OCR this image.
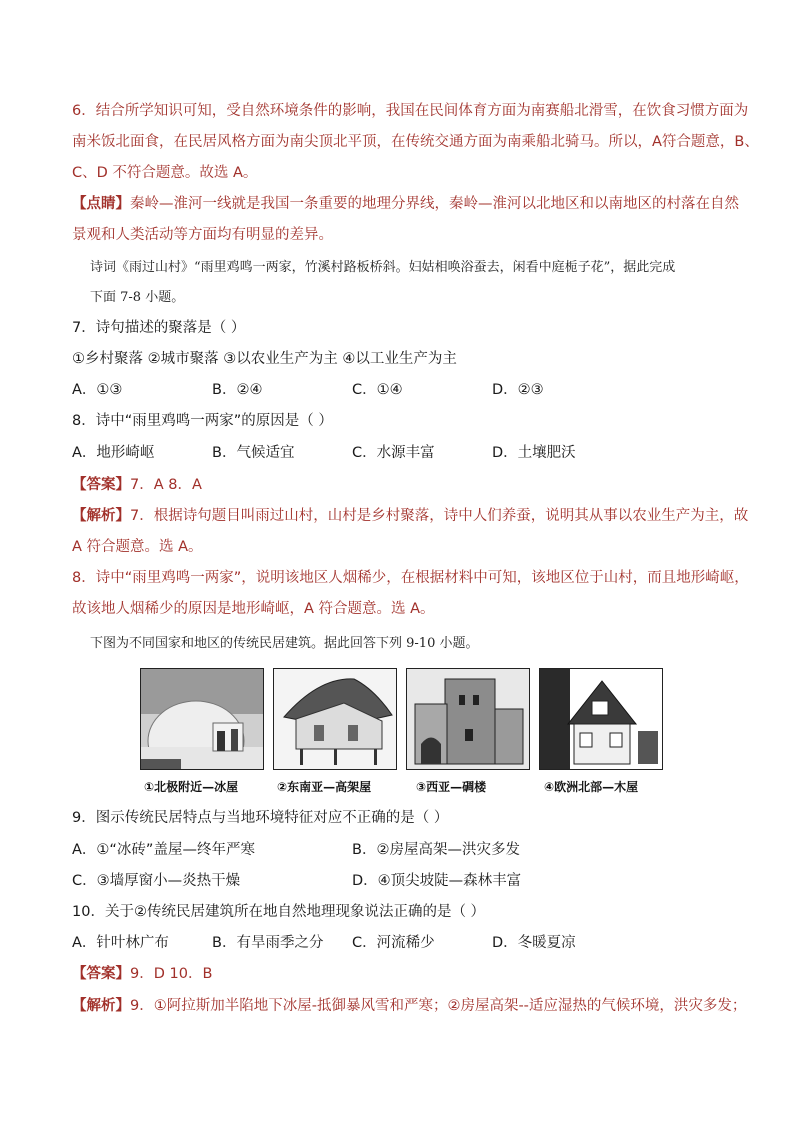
6．结合所学知识可知，受自然环境条件的影响，我国在民间体育方面为南赛船北滑雪，在饮食习惯方面为
南米饭北面食，在民居风格方面为南尖顶北平顶，在传统交通方面为南乘船北骑马。所以，A符合题意，B、
C、D 不符合题意。故选 A。
【点睛】秦岭—淮河一线就是我国一条重要的地理分界线，秦岭—淮河以北地区和以南地区的村落在自然
景观和人类活动等方面均有明显的差异。
诗词《雨过山村》“雨里鸡鸣一两家，竹溪村路板桥斜。妇姑相唤浴蚕去，闲看中庭栀子花”，据此完成
下面 7-8 小题。
7．诗句描述的聚落是（ ）
①乡村聚落 ②城市聚落 ③以农业生产为主 ④以工业生产为主
A．①③	B．②④	C．①④	D．②③
8．诗中“雨里鸡鸣一两家”的原因是（ ）
A．地形崎岖	B．气候适宜	C．水源丰富	D．土壤肥沃
【答案】7．A 8．A
【解析】7．根据诗句题目叫雨过山村，山村是乡村聚落，诗中人们养蚕，说明其从事以农业生产为主，故
A 符合题意。选 A。
8．诗中“雨里鸡鸣一两家”，说明该地区人烟稀少，在根据材料中可知，该地区位于山村，而且地形崎岖，
故该地人烟稀少的原因是地形崎岖，A 符合题意。选 A。
下图为不同国家和地区的传统民居建筑。据此回答下列 9-10 小题。
①北极附近—冰屋	②东南亚—高架屋	③西亚—碉楼	④欧洲北部—木屋
9．图示传统民居特点与当地环境特征对应不正确的是（ ）
A．①“冰砖”盖屋—终年严寒	B．②房屋高架—洪灾多发
C．③墙厚窗小—炎热干燥	D．④顶尖坡陡—森林丰富
10．关于②传统民居建筑所在地自然地理现象说法正确的是（ ）
A．针叶林广布	B．有旱雨季之分 C．河流稀少	D．冬暖夏凉
【答案】9．D 10．B
【解析】9．①阿拉斯加半陷地下冰屋-抵御暴风雪和严寒；②房屋高架--适应湿热的气候环境，洪灾多发；
